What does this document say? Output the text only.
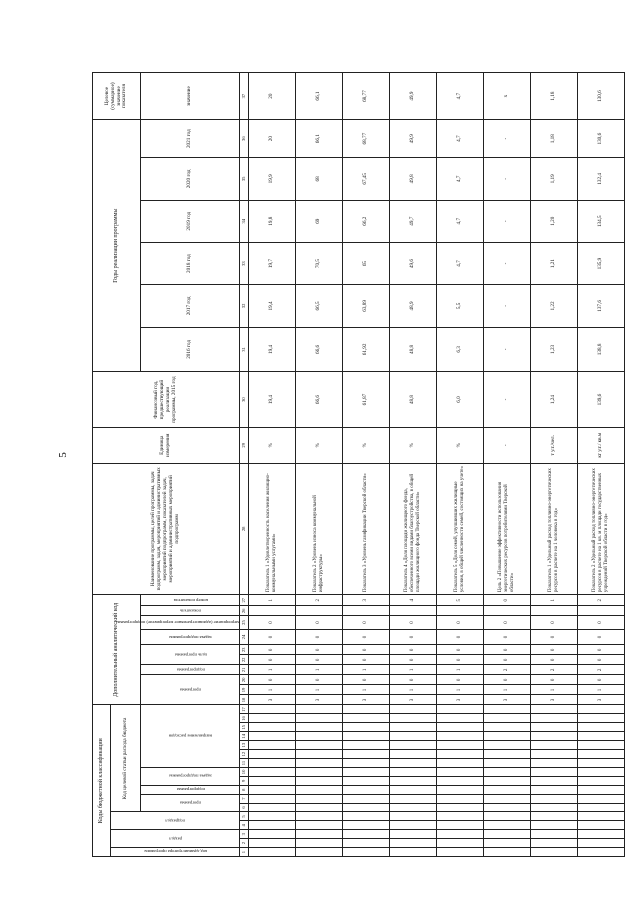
5
Коды бюджетной классификации																	Дополнительный аналитический код										Наименование программы, целей программы, задач подпрограмм, задач, мероприятий и административных мероприятий подпрограмм, показателей задач, мероприятий и административных мероприятий подпрограмм	Единица измерения	Финансовый год, предшествующий реализации программы, 2015 год	Годы реализации программы						Целевое (суммарное) значение показателя
код администратора программы	раздел		подраздел		Код целевой статьи расхода бюджета																															
					программа		подпрограмма	задача подпрограммы		направление расходов							программа			подпрограмма	цель программы		задача подпрограммы	мероприятие (административное мероприятие) подпрограммы	показатель	номер показателя				2016 год	2017 год	2018 год	2019 год	2020 год	2021 год	значение
1	2	3	4	5	6	7	8	9	10	11	12	13	14	15	16	17	18	19	20	21	22	23	24	25	26	27	28	29	30	31	32	33	34	35	36	37
																	3	1	0	1	0	0	0	0		1	Показатель 1 «Удовлетворенность населения жилищно-коммунальными услугами»	%	19,4	19,4	19,4	19,7	19,8	19,9	20	20
																	3	1	0	1	0	0	0	0		2	Показатель 2 «Уровень износа коммунальной инфраструктуры»	%	66,6	66,6	66,5	70,5	69	68	66,1	66,1
																	3	1	0	1	0	0	0	0		3	Показатель 3 «Уровень газификации Тверской области»	%	61,87	61,92	63,89	65	66,2	67,45	68,77	68,77
																	3	1	0	1	0	0	0	0		4	Показатель 4 «Доля площади жилищного фонда, обеспеченного всеми видами благоустройства, в общей площади жилищного фонда Тверской области»	%	48,8	48,8	48,9	49,6	49,7	49,8	49,9	49,9
																	3	1	0	1	0	0	0	0		5	Показатель 5 «Доля семей, улучшивших жилищные условия, в общей численности семей, состоящих на учете»	%	6,0	6,3	5,5	4,7	4,7	4,7	4,7	4,7
																	3	1	0	2	0	0	0	0		0	Цель 2 «Повышение эффективности использования энергетических ресурсов потребителями Тверской области»	-	-	-	-	-	-	-	-	х
																	3	1	0	2	0	0	0	0		1	Показатель 1 «Удельный расход топливно-энергетических ресурсов в расчете на 1 человека в год»	т у.т./чел.	1,24	1,23	1,22	1,21	1,20	1,19	1,18	1,18
																	3	1	0	2	0	0	0	0		2	Показатель 2 «Удельный расход топливно-энергетических ресурсов в расчете на 1 кв. м площади государственных учреждений Тверской области в год»	кг у.т./ кв.м	139,6	138,8	137,6	135,9	134,5	132,4	130,6	130,6
